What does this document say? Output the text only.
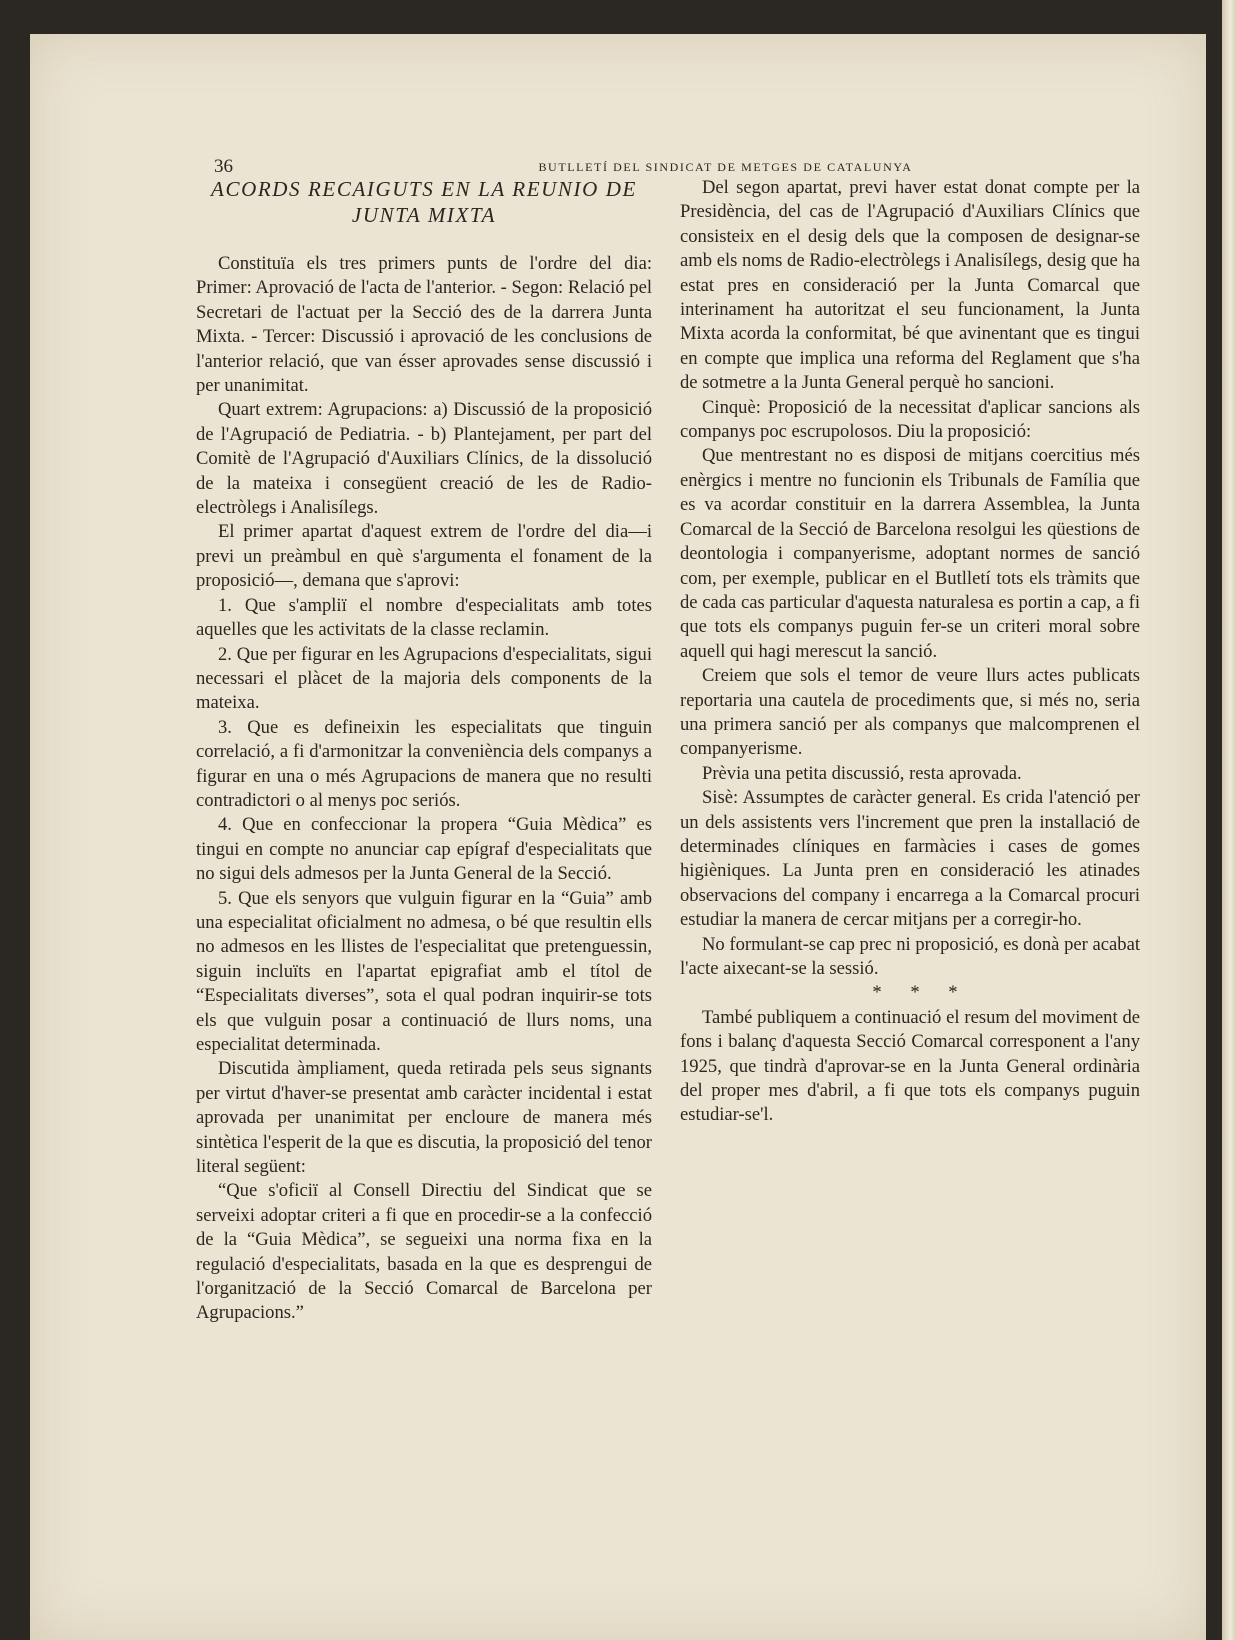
36	BUTLLETÍ DEL SINDICAT DE METGES DE CATALUNYA
ACORDS RECAIGUTS EN LA REUNIO DE JUNTA MIXTA

Constituïa els tres primers punts de l'ordre del dia: Primer: Aprovació de l'acta de l'anterior. - Segon: Relació pel Secretari de l'actuat per la Secció des de la darrera Junta Mixta. - Tercer: Discussió i aprovació de les conclusions de l'anterior relació, que van ésser aprovades sense discussió i per unanimitat.

Quart extrem: Agrupacions: a) Discussió de la proposició de l'Agrupació de Pediatria. - b) Plantejament, per part del Comitè de l'Agrupació d'Auxiliars Clínics, de la dissolució de la mateixa i consegüent creació de les de Radio-electròlegs i Analisílegs.

El primer apartat d'aquest extrem de l'ordre del dia—i previ un preàmbul en què s'argumenta el fonament de la proposició—, demana que s'aprovi:

1. Que s'ampliï el nombre d'especialitats amb totes aquelles que les activitats de la classe reclamin.

2. Que per figurar en les Agrupacions d'especialitats, sigui necessari el plàcet de la majoria dels components de la mateixa.

3. Que es defineixin les especialitats que tinguin correlació, a fi d'armonitzar la conveniència dels companys a figurar en una o més Agrupacions de manera que no resulti contradictori o al menys poc seriós.

4. Que en confeccionar la propera “Guia Mèdica” es tingui en compte no anunciar cap epígraf d'especialitats que no sigui dels admesos per la Junta General de la Secció.

5. Que els senyors que vulguin figurar en la “Guia” amb una especialitat oficialment no admesa, o bé que resultin ells no admesos en les llistes de l'especialitat que pretenguessin, siguin incluïts en l'apartat epigrafiat amb el títol de “Especialitats diverses”, sota el qual podran inquirir-se tots els que vulguin posar a continuació de llurs noms, una especialitat determinada.

Discutida àmpliament, queda retirada pels seus signants per virtut d'haver-se presentat amb caràcter incidental i estat aprovada per unanimitat per encloure de manera més sintètica l'esperit de la que es discutia, la proposició del tenor literal següent:

“Que s'oficiï al Consell Directiu del Sindicat que se serveixi adoptar criteri a fi que en procedir-se a la confecció de la “Guia Mèdica”, se segueixi una norma fixa en la regulació d'especialitats, basada en la que es desprengui de l'organització de la Secció Comarcal de Barcelona per Agrupacions.”

Del segon apartat, previ haver estat donat compte per la Presidència, del cas de l'Agrupació d'Auxiliars Clínics que consisteix en el desig dels que la composen de designar-se amb els noms de Radio-electròlegs i Analisílegs, desig que ha estat pres en consideració per la Junta Comarcal que interinament ha autoritzat el seu funcionament, la Junta Mixta acorda la conformitat, bé que avinentant que es tingui en compte que implica una reforma del Reglament que s'ha de sotmetre a la Junta General perquè ho sancioni.

Cinquè: Proposició de la necessitat d'aplicar sancions als companys poc escrupolosos. Diu la proposició:

Que mentrestant no es disposi de mitjans coercitius més enèrgics i mentre no funcionin els Tribunals de Família que es va acordar constituir en la darrera Assemblea, la Junta Comarcal de la Secció de Barcelona resolgui les qüestions de deontologia i companyerisme, adoptant normes de sanció com, per exemple, publicar en el Butlletí tots els tràmits que de cada cas particular d'aquesta naturalesa es portin a cap, a fi que tots els companys puguin fer-se un criteri moral sobre aquell qui hagi merescut la sanció.

Creiem que sols el temor de veure llurs actes publicats reportaria una cautela de procediments que, si més no, seria una primera sanció per als companys que malcomprenen el companyerisme.

Prèvia una petita discussió, resta aprovada.

Sisè: Assumptes de caràcter general. Es crida l'atenció per un dels assistents vers l'increment que pren la installació de determinades clíniques en farmàcies i cases de gomes higièniques. La Junta pren en consideració les atinades observacions del company i encarrega a la Comarcal procuri estudiar la manera de cercar mitjans per a corregir-ho.

No formulant-se cap prec ni proposició, es donà per acabat l'acte aixecant-se la sessió.

* * *

També publiquem a continuació el resum del moviment de fons i balanç d'aquesta Secció Comarcal corresponent a l'any 1925, que tindrà d'aprovar-se en la Junta General ordinària del proper mes d'abril, a fi que tots els companys puguin estudiar-se'l.
